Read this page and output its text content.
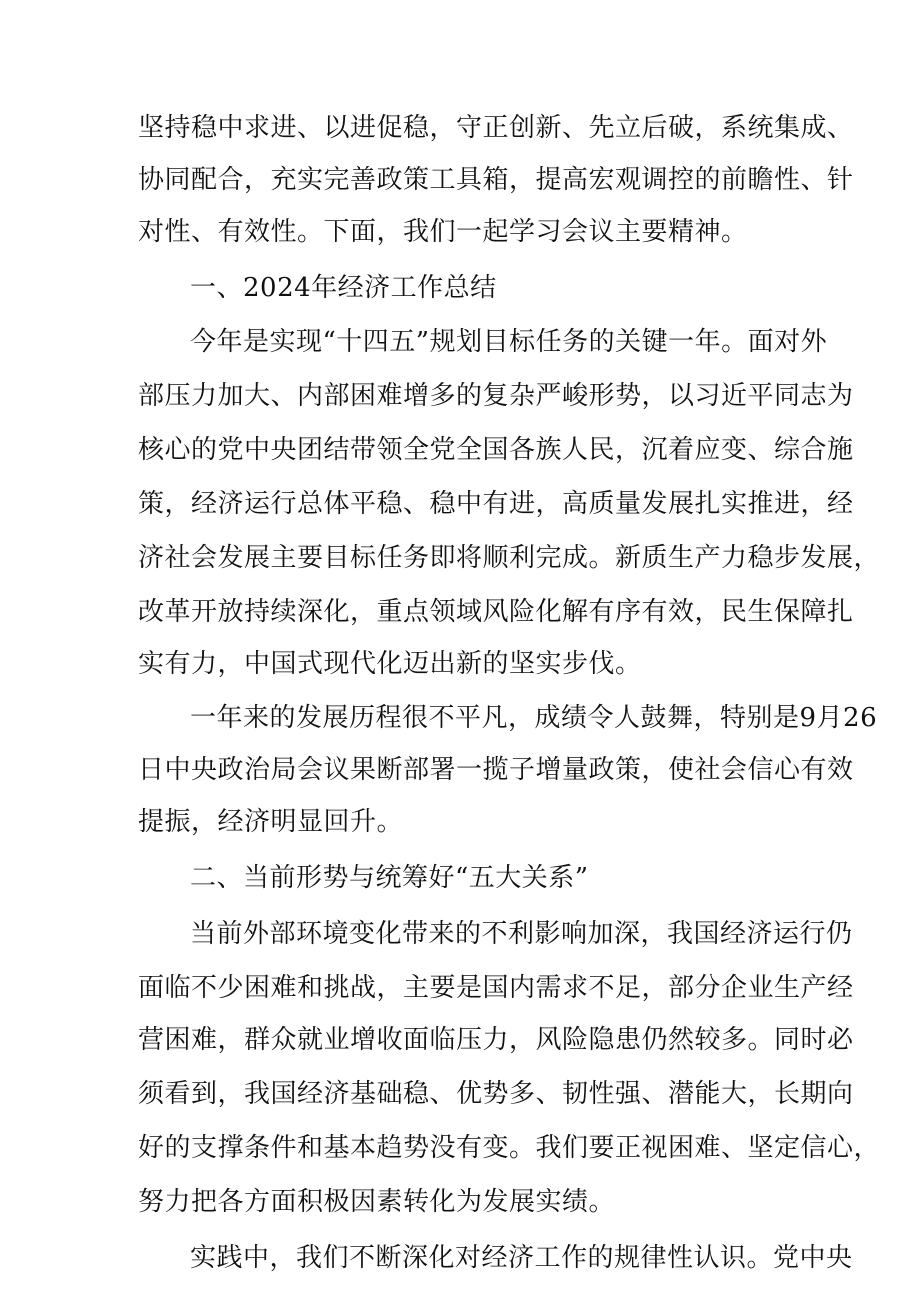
坚持稳中求进、以进促稳，守正创新、先立后破，系统集成、
协同配合，充实完善政策工具箱，提高宏观调控的前瞻性、针
对性、有效性。下面，我们一起学习会议主要精神。
一、2024年经济工作总结
今年是实现“十四五”规划目标任务的关键一年。面对外
部压力加大、内部困难增多的复杂严峻形势，以习近平同志为
核心的党中央团结带领全党全国各族人民，沉着应变、综合施
策，经济运行总体平稳、稳中有进，高质量发展扎实推进，经
济社会发展主要目标任务即将顺利完成。新质生产力稳步发展，
改革开放持续深化，重点领域风险化解有序有效，民生保障扎
实有力，中国式现代化迈出新的坚实步伐。
一年来的发展历程很不平凡，成绩令人鼓舞，特别是9月26
日中央政治局会议果断部署一揽子增量政策，使社会信心有效
提振，经济明显回升。
二、当前形势与统筹好“五大关系”
当前外部环境变化带来的不利影响加深，我国经济运行仍
面临不少困难和挑战，主要是国内需求不足，部分企业生产经
营困难，群众就业增收面临压力，风险隐患仍然较多。同时必
须看到，我国经济基础稳、优势多、韧性强、潜能大，长期向
好的支撑条件和基本趋势没有变。我们要正视困难、坚定信心，
努力把各方面积极因素转化为发展实绩。
实践中，我们不断深化对经济工作的规律性认识。党中央
